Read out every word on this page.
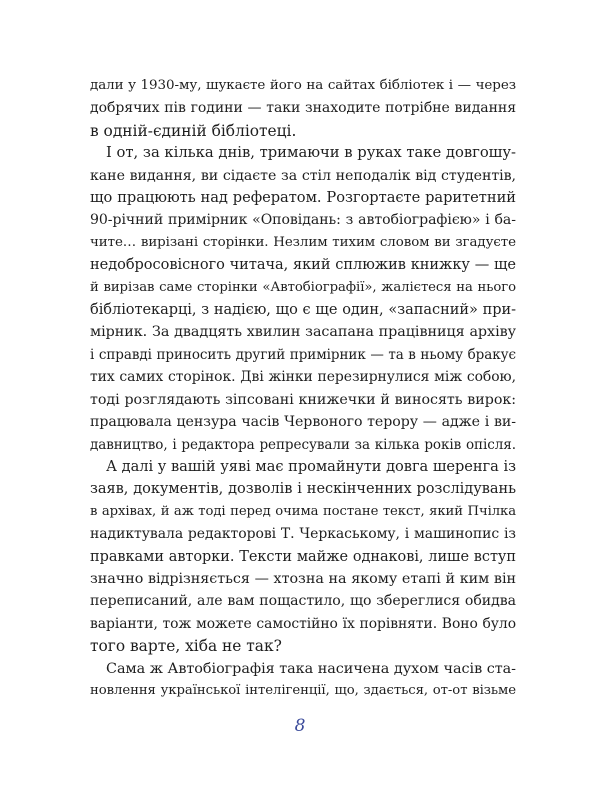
дали у 1930-му, шукаєте його на сайтах бібліотек і — через
добрячих пів години — таки знаходите потрібне видання
в одній-єдиній бібліотеці.

І от, за кілька днів, тримаючи в руках таке довгошу-
кане видання, ви сідаєте за стіл неподалік від студентів,
що працюють над рефератом. Розгортаєте раритетний
90-річний примірник «Оповідань: з автобіографією» і ба-
чите… вирізані сторінки. Незлим тихим словом ви згадуєте
недобросовісного читача, який сплюжив книжку — ще
й вирізав саме сторінки «Автобіографії», жалієтеся на нього
бібліотекарці, з надією, що є ще один, «запасний» при-
мірник. За двадцять хвилин засапана працівниця архіву
і справді приносить другий примірник — та в ньому бракує
тих самих сторінок. Дві жінки перезирнулися між собою,
тоді розглядають зіпсовані книжечки й виносять вирок:
працювала цензура часів Червоного терору — адже і ви-
давництво, і редактора репресували за кілька років опісля.

А далі у вашій уяві має промайнути довга шеренга із
заяв, документів, дозволів і нескінченних розслідувань
в архівах, й аж тоді перед очима постане текст, який Пчілка
надиктувала редакторові Т. Черкаському, і машинопис із
правками авторки. Тексти майже однакові, лише вступ
значно відрізняється — хтозна на якому етапі й ким він
переписаний, але вам пощастило, що збереглися обидва
варіанти, тож можете самостійно їх порівняти. Воно було
того варте, хіба не так?

Сама ж Автобіографія така насичена духом часів ста-
новлення української інтелігенції, що, здається, от-от візьме

8
